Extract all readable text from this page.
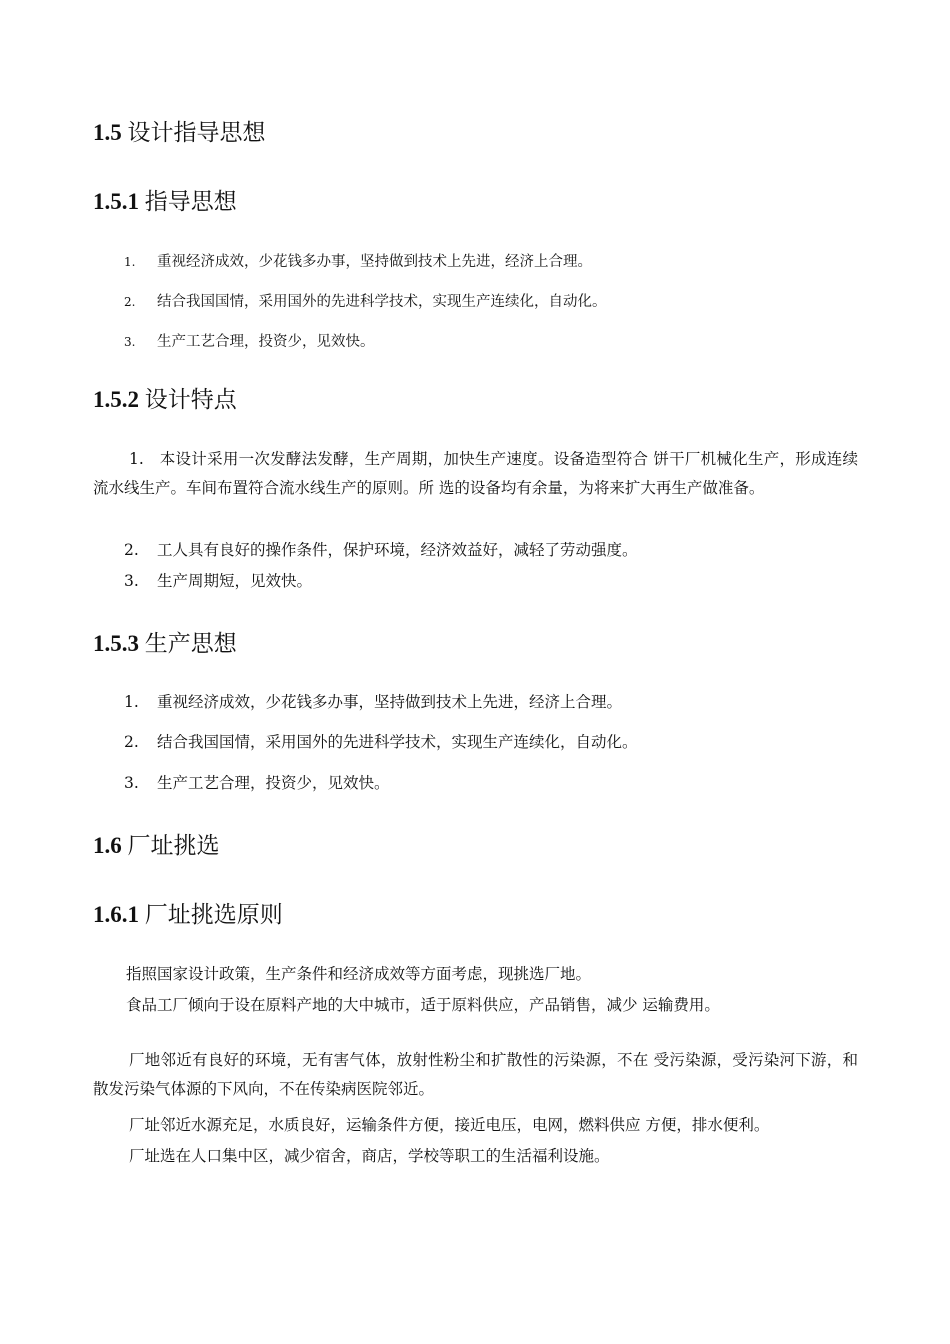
1.5 设计指导思想
1.5.1 指导思想
1. 重视经济成效，少花钱多办事，坚持做到技术上先进，经济上合理。
2. 结合我国国情，采用国外的先进科学技术，实现生产连续化，自动化。
3. 生产工艺合理，投资少，见效快。
1.5.2 设计特点

1.　本设计采用一次发酵法发酵，生产周期，加快生产速度。设备造型符合 饼干厂机械化生产，形成连续流水线生产。车间布置符合流水线生产的原则。所 选的设备均有余量，为将来扩大再生产做准备。

2. 工人具有良好的操作条件，保护环境，经济效益好，减轻了劳动强度。
3. 生产周期短，见效快。
1.5.3 生产思想
1. 重视经济成效，少花钱多办事，坚持做到技术上先进，经济上合理。
2. 结合我国国情，采用国外的先进科学技术，实现生产连续化，自动化。
3. 生产工艺合理，投资少，见效快。
1.6 厂址挑选
1.6.1 厂址挑选原则
指照国家设计政策，生产条件和经济成效等方面考虑，现挑选厂地。
食品工厂倾向于设在原料产地的大中城市，适于原料供应，产品销售，减少 运输费用。

厂地邻近有良好的环境，无有害气体，放射性粉尘和扩散性的污染源，不在 受污染源，受污染河下游，和散发污染气体源的下风向，不在传染病医院邻近。

厂址邻近水源充足，水质良好，运输条件方便，接近电压，电网，燃料供应 方便，排水便利。
厂址选在人口集中区，减少宿舍，商店，学校等职工的生活福利设施。
